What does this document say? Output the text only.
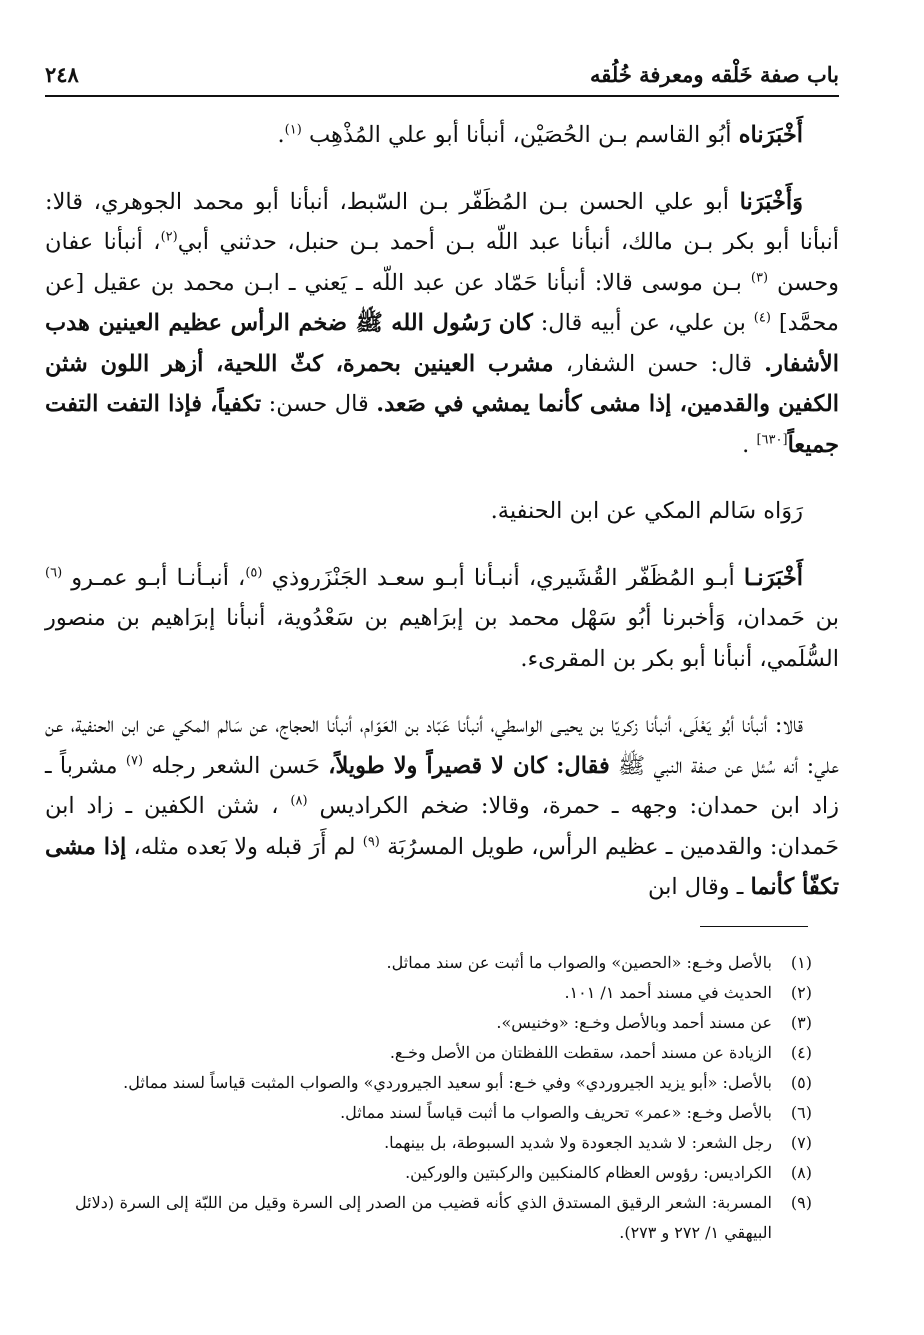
باب صفة خَلْقه ومعرفة خُلُقه
٢٤٨

أَخْبَرَناه أبُو القاسم بـن الحُصَيْن، أنبأنا أبو علي المُذْهِب $^{(١)}$.

وَأَخْبَرَنا أبو علي الحسن بـن المُظَفّر بـن السّبط، أنبأنا أبو محمد الجوهري، قالا: أنبأنا أبو بكر بـن مالك، أنبأنا عبد اللّه بـن أحمد بـن حنبل، حدثني أبي$^{(٢)}$، أنبأنا عفان وحسن $^{(٣)}$ بـن موسى قالا: أنبأنا حَمّاد عن عبد اللّه ـ يَعني ـ ابـن محمد بن عقيل [عن محمَّد] $^{(٤)}$ بن علي، عن أبيه قال: كان رَسُول الله ﷺ ضخم الرأس عظيم العينين هدب الأشفار. قال: حسن الشفار، مشرب العينين بحمرة، كثّ اللحية، أزهر اللون شثن الكفين والقدمين، إذا مشى كأنما يمشي في صَعد. قال حسن: تكفياً، فإذا التفت التفت جميعاً[٦٣٠] .

رَوَاه سَالم المكي عن ابن الحنفية.

أَخْبَرَنـا أبـو المُظَفّر القُشَيري، أنبـأنا أبـو سعـد الجَنْزَروذي $^{(٥)}$، أنبـأنـا أبـو عمـرو $^{(٦)}$ بن حَمدان، وَأخبرنا أبُو سَهْل محمد بن إبرَاهيم بن سَعْدُوية، أنبأنا إبرَاهيم بن منصور السُّلَمي، أنبأنا أبو بكر بن المقرىء.

قالا: أنبأنا أبُو يَعْلَى، أنبأنا زكريّا بن يحيـى الواسطي، أنبأنا عَبّاد بن العَوّام، أنبأنا الحجاج، عن سَالم المكي عن ابن الحنفية، عن علي: أنه سُئل عن صفة النبي ﷺ فقال: كان لا قصيراً ولا طويلاً، حَسن الشعر رجله $^{(٧)}$ مشرباً ـ زاد ابن حمدان: وجهه ـ حمرة، وقالا: ضخم الكراديس $^{(٨)}$ ، شثن الكفين ـ زاد ابن حَمدان: والقدمين ـ عظيم الرأس، طويل المسرُبَة $^{(٩)}$ لم أَرَ قبله ولا بَعده مثله، إذا مشى تكفّأ كأنما ـ وقال ابن

(١)
بالأصل وخـع: «الحصين» والصواب ما أثبت عن سند مماثل.
(٢)
الحديث في مسند أحمد ١/ ١٠١.
(٣)
عن مسند أحمد وبالأصل وخـع: «وخنيس».
(٤)
الزيادة عن مسند أحمد، سقطت اللفظتان من الأصل وخـع.
(٥)
بالأصل: «أبو يزيد الجيروردي» وفي خـع: أبو سعيد الجيروردي» والصواب المثبت قياساً لسند مماثل.
(٦)
بالأصل وخـع: «عمر» تحريف والصواب ما أثبت قياساً لسند مماثل.
(٧)
رجل الشعر: لا شديد الجعودة ولا شديد السبوطة، بل بينهما.
(٨)
الكراديس: رؤوس العظام كالمنكبين والركبتين والوركين.
(٩)
المسربة: الشعر الرقيق المستدق الذي كأنه قضيب من الصدر إلى السرة وقيل من اللبّة إلى السرة (دلائل البيهقي ١/ ٢٧٢ و ٢٧٣).
